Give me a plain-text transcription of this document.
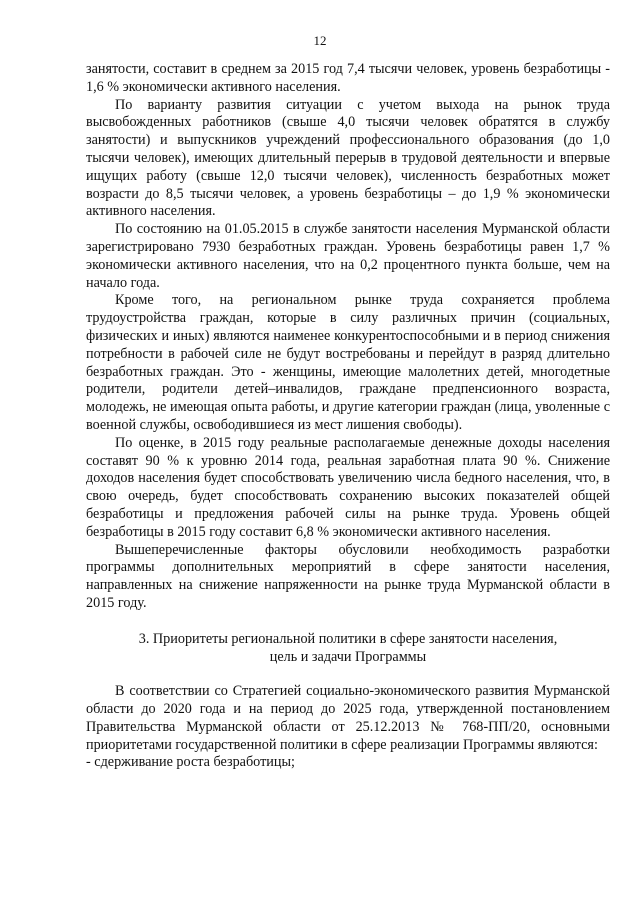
12

занятости, составит в среднем за 2015 год 7,4 тысячи человек, уровень безработицы - 1,6 % экономически активного населения.

По варианту развития ситуации с учетом выхода на рынок труда высвобожденных работников (свыше 4,0 тысячи человек обратятся в службу занятости) и выпускников учреждений профессионального образования (до 1,0 тысячи человек), имеющих длительный перерыв в трудовой деятельности и впервые ищущих работу (свыше 12,0 тысячи человек), численность безработных может возрасти до 8,5 тысячи человек, а уровень безработицы – до 1,9 % экономически активного населения.

По состоянию на 01.05.2015 в службе занятости населения Мурманской области зарегистрировано 7930 безработных граждан. Уровень безработицы равен 1,7 % экономически активного населения, что на 0,2 процентного пункта больше, чем на начало года.

Кроме того, на региональном рынке труда сохраняется проблема трудоустройства граждан, которые в силу различных причин (социальных, физических и иных) являются наименее конкурентоспособными и в период снижения потребности в рабочей силе не будут востребованы и перейдут в разряд длительно безработных граждан. Это - женщины, имеющие малолетних детей, многодетные родители, родители детей–инвалидов, граждане предпенсионного возраста, молодежь, не имеющая опыта работы, и другие категории граждан (лица, уволенные с военной службы, освободившиеся из мест лишения свободы).

По оценке, в 2015 году реальные располагаемые денежные доходы населения составят 90 % к уровню 2014 года, реальная заработная плата 90 %. Снижение доходов населения будет способствовать увеличению числа бедного населения, что, в свою очередь, будет способствовать сохранению высоких показателей общей безработицы и предложения рабочей силы на рынке труда. Уровень общей безработицы в 2015 году составит 6,8 % экономически активного населения.

Вышеперечисленные факторы обусловили необходимость разработки программы дополнительных мероприятий в сфере занятости населения, направленных на снижение напряженности на рынке труда Мурманской области в 2015 году.

3. Приоритеты региональной политики в сфере занятости населения,
цель и задачи Программы

В соответствии со Стратегией социально-экономического развития Мурманской области до 2020 года и на период до 2025 года, утвержденной постановлением Правительства Мурманской области от 25.12.2013 № 768-ПП/20, основными приоритетами государственной политики в сфере реализации Программы являются:

- сдерживание роста безработицы;
